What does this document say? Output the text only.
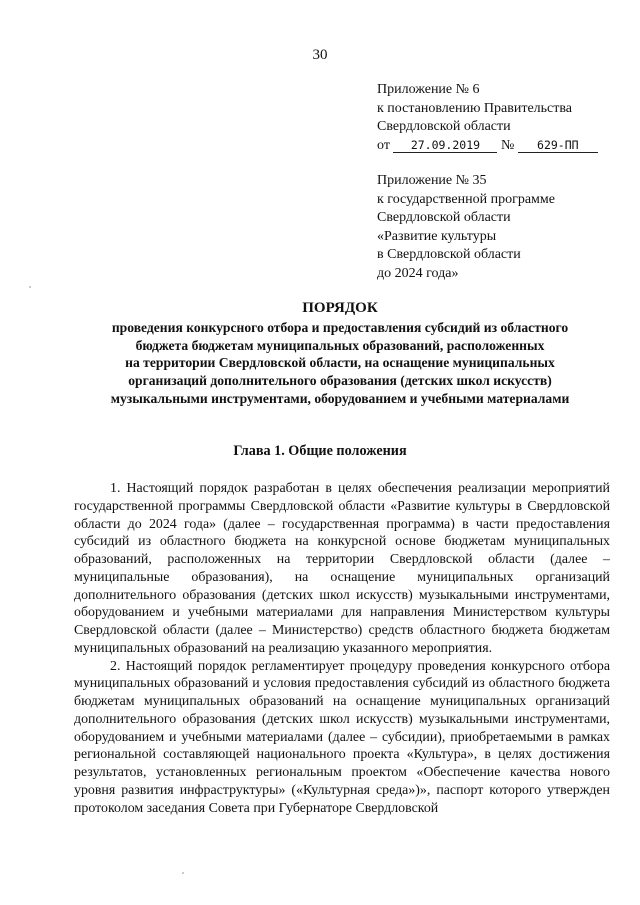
30
Приложение № 6
к постановлению Правительства
Свердловской области
от 27.09.2019 № 629-ПП
Приложение № 35
к государственной программе
Свердловской области
«Развитие культуры
в Свердловской области
до 2024 года»
ПОРЯДОК
проведения конкурсного отбора и предоставления субсидий из областного
бюджета бюджетам муниципальных образований, расположенных
на территории Свердловской области, на оснащение муниципальных
организаций дополнительного образования (детских школ искусств)
музыкальными инструментами, оборудованием и учебными материалами
Глава 1. Общие положения

1. Настоящий порядок разработан в целях обеспечения реализации мероприятий государственной программы Свердловской области «Развитие культуры в Свердловской области до 2024 года» (далее – государственная программа) в части предоставления субсидий из областного бюджета на конкурсной основе бюджетам муниципальных образований, расположенных на территории Свердловской области (далее – муниципальные образования), на оснащение муниципальных организаций дополнительного образования (детских школ искусств) музыкальными инструментами, оборудованием и учебными материалами для направления Министерством культуры Свердловской области (далее – Министерство) средств областного бюджета бюджетам муниципальных образований на реализацию указанного мероприятия.

2. Настоящий порядок регламентирует процедуру проведения конкурсного отбора муниципальных образований и условия предоставления субсидий из областного бюджета бюджетам муниципальных образований на оснащение муниципальных организаций дополнительного образования (детских школ искусств) музыкальными инструментами, оборудованием и учебными материалами (далее – субсидии), приобретаемыми в рамках региональной составляющей национального проекта «Культура», в целях достижения результатов, установленных региональным проектом «Обеспечение качества нового уровня развития инфраструктуры» («Культурная среда»)», паспорт которого утвержден протоколом заседания Совета при Губернаторе Свердловской
